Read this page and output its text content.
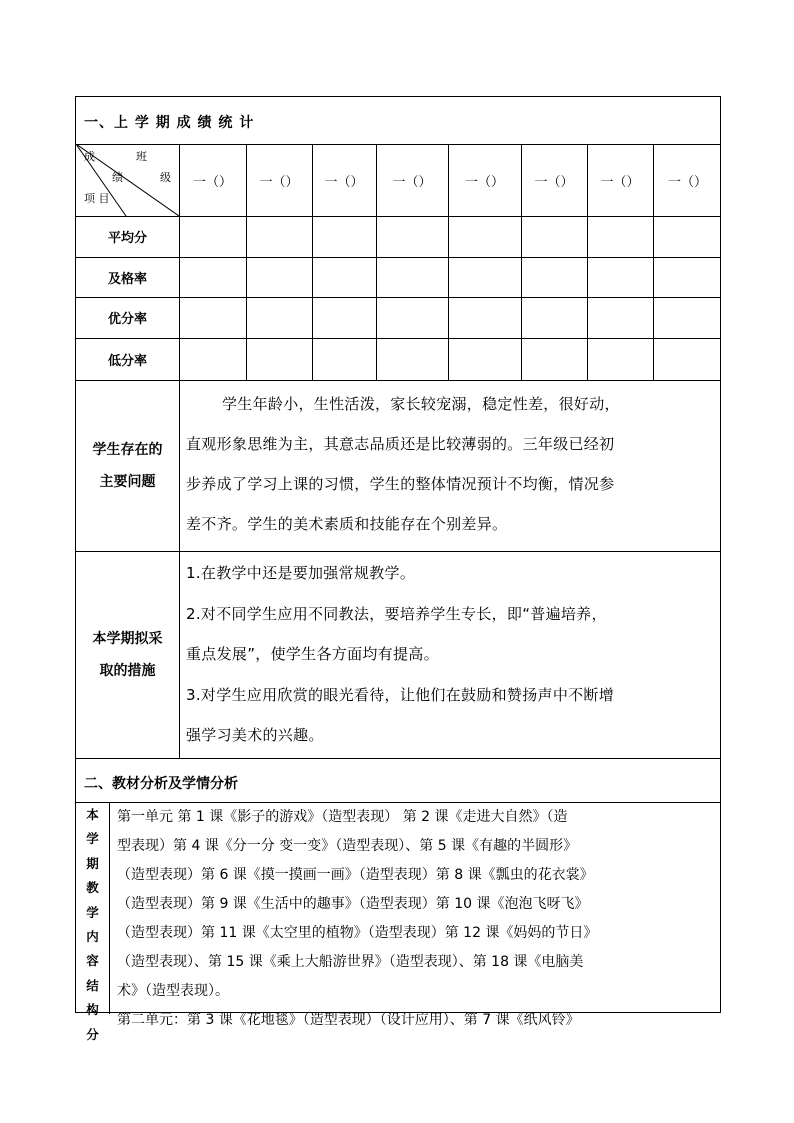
一、上 学 期 成 绩 统 计
成	班
绩	级
项 目
一（）	一（）	一（）	一（）	一（）	一（）	一（）	一（）
平均分
及格率
优分率
低分率
学生存在的
主要问题
学生年龄小，生性活泼，家长较宠溺，稳定性差，很好动，
直观形象思维为主，其意志品质还是比较薄弱的。三年级已经初
步养成了学习上课的习惯，学生的整体情况预计不均衡，情况参
差不齐。学生的美术素质和技能存在个别差异。
本学期拟采
取的措施
1.在教学中还是要加强常规教学。
2.对不同学生应用不同教法，要培养学生专长，即“普遍培养，
重点发展”，使学生各方面均有提高。
3.对学生应用欣赏的眼光看待，让他们在鼓励和赞扬声中不断增
强学习美术的兴趣。
二、教材分析及学情分析
本
学
期
教
学
内
容
结
构
分
第一单元 第 1 课《影子的游戏》（造型表现） 第 2 课《走进大自然》（造
型表现）第 4 课《分一分 变一变》（造型表现）、第 5 课《有趣的半圆形》
（造型表现）第 6 课《摸一摸画一画》（造型表现）第 8 课《瓢虫的花衣裳》
（造型表现）第 9 课《生活中的趣事》（造型表现）第 10 课《泡泡飞呀飞》
（造型表现）第 11 课《太空里的植物》（造型表现）第 12 课《妈妈的节日》
（造型表现）、第 15 课《乘上大船游世界》（造型表现）、第 18 课《电脑美
术》（造型表现）。
第二单元：第 3 课《花地毯》（造型表现）（设计应用）、第 7 课《纸风铃》
